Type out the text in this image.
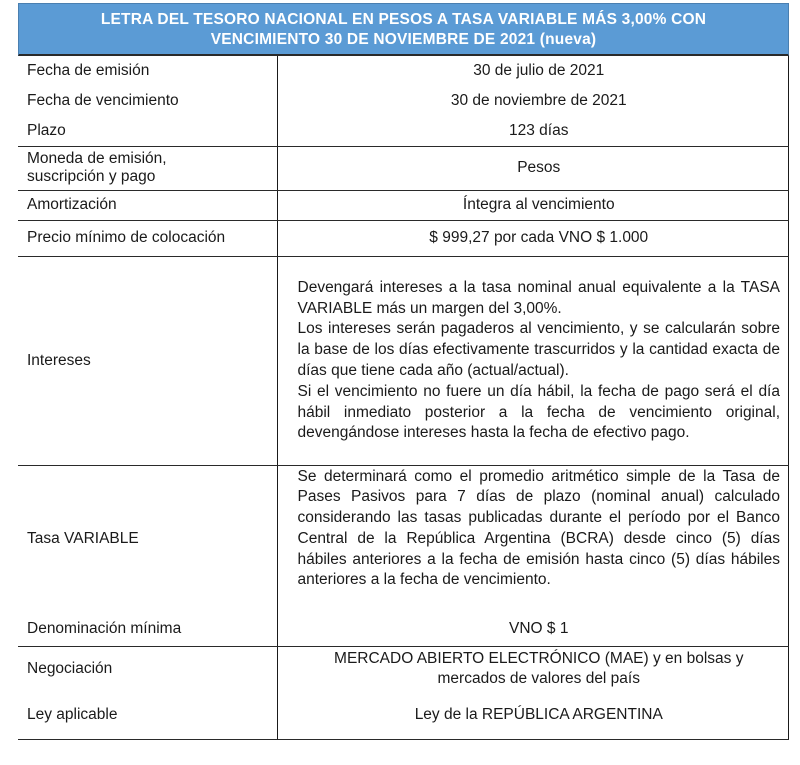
LETRA DEL TESORO NACIONAL EN PESOS A TASA VARIABLE MÁS 3,00% CON
VENCIMIENTO 30 DE NOVIEMBRE DE 2021 (nueva)
Fecha de emisión	30 de julio de 2021
Fecha de vencimiento	30 de noviembre de 2021
Plazo	123 días

Moneda de emisión,
suscripción y pago	Pesos
Amortización	Íntegra al vencimiento
Precio mínimo de colocación	$ 999,27 por cada VNO $ 1.000
Intereses	Devengará intereses a la tasa nominal anual equivalente a la TASA VARIABLE más un margen del 3,00%.
Los intereses serán pagaderos al vencimiento, y se calcularán sobre la base de los días efectivamente trascurridos y la cantidad exacta de días que tiene cada año (actual/actual).
Si el vencimiento no fuere un día hábil, la fecha de pago será el día hábil inmediato posterior a la fecha de vencimiento original, devengándose intereses hasta la fecha de efectivo pago.

Tasa VARIABLE	Se determinará como el promedio aritmético simple de la Tasa de Pases Pasivos para 7 días de plazo (nominal anual) calculado considerando las tasas publicadas durante el período por el Banco Central de la República Argentina (BCRA) desde cinco (5) días hábiles anteriores a la fecha de emisión hasta cinco (5) días hábiles anteriores a la fecha de vencimiento.

Denominación mínima	VNO $ 1
Negociación	MERCADO ABIERTO ELECTRÓNICO (MAE) y en bolsas y
mercados de valores del país

Ley aplicable	Ley de la REPÚBLICA ARGENTINA
